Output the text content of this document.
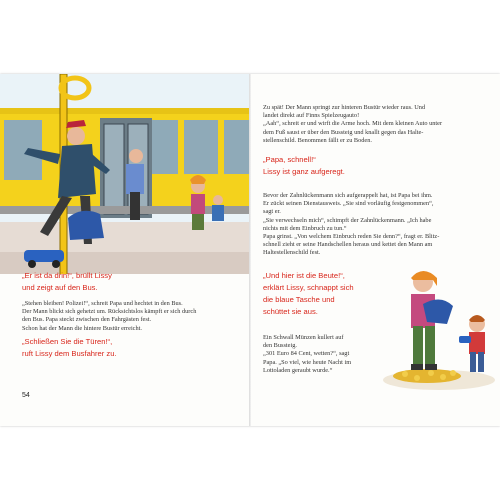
„Er ist da drin!“, brüllt Lissy
und zeigt auf den Bus.

„Stehen bleiben! Polizei!“, schreit Papa und hechtet in den Bus.
Der Mann blickt sich gehetzt um. Rücksichtslos kämpft er sich durch
den Bus. Papa steckt zwischen den Fahrgästen fest.
Schon hat der Mann die hintere Bustür erreicht.

54

Zu spät! Der Mann springt zur hinteren Bustür wieder raus. Und
landet direkt auf Finns Spielzeugauto!
„Aah“, schreit er und wirft die Arme hoch. Mit dem kleinen Auto unter
dem Fuß saust er über den Bussteig und knallt gegen das Halte-
stellenschild. Benommen fällt er zu Boden.

„Papa, schnell!“
Lissy ist ganz aufgeregt.

Bevor der Zahnlückenmann sich aufgerappelt hat, ist Papa bei ihm.
Er zückt seinen Dienstausweis. „Sie sind vorläufig festgenommen“,
sagt er.
„Sie verwechseln mich“, schimpft der Zahnlückenmann. „Ich habe
nichts mit dem Einbruch zu tun.“
Papa grinst. „Von welchem Einbruch reden Sie denn?“, fragt er. Blitz-
schnell zieht er seine Handschellen heraus und kettet den Mann am
Haltestellenschild fest.

„Und hier ist die Beute!“,
erklärt Lissy, schnappt sich
die blaue Tasche und
schüttet sie aus.

Ein Schwall Münzen kullert auf
den Bussteig.
„301 Euro 84 Cent, wetten?“, sagt
Papa. „So viel, wie heute Nacht im
Lottoladen geraubt wurde.“

„Schließen Sie die Türen!“,
ruft Lissy dem Busfahrer zu.
